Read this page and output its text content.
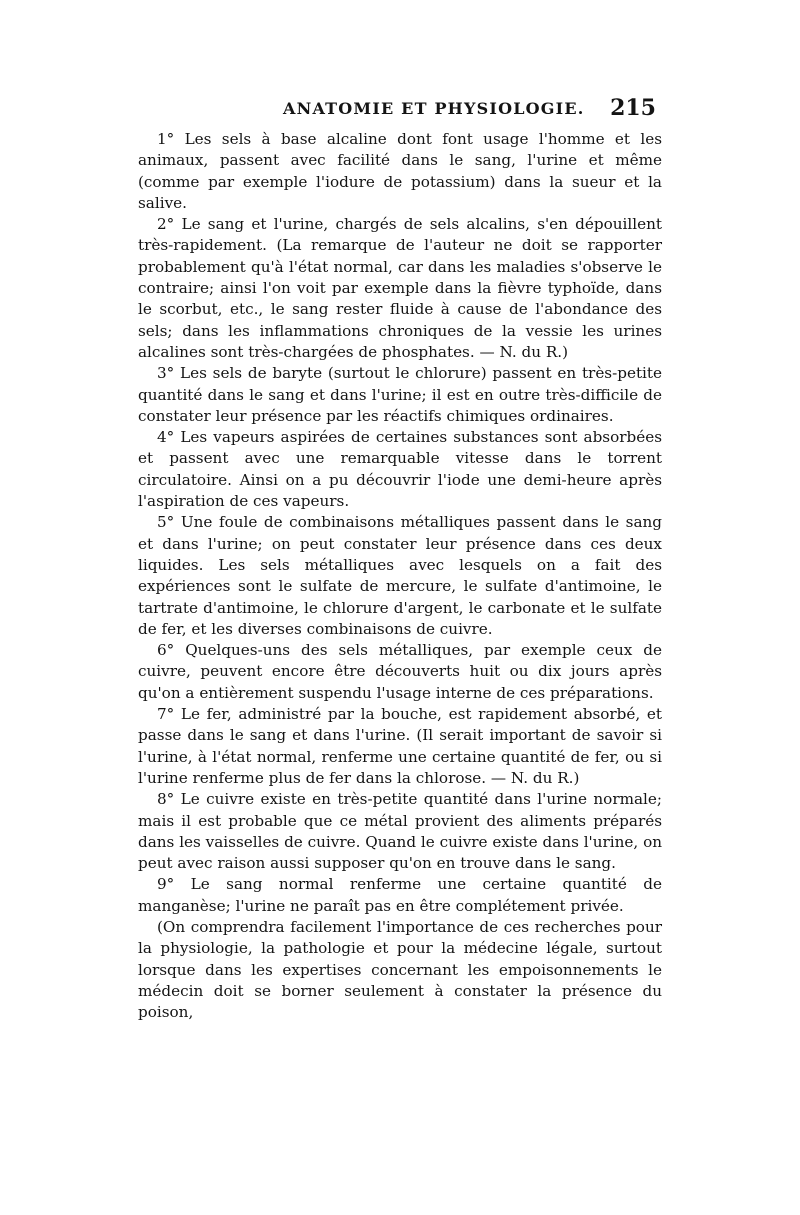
ANATOMIE ET PHYSIOLOGIE. 215

1° Les sels à base alcaline dont font usage l'homme et les animaux, passent avec facilité dans le sang, l'urine et même (comme par exemple l'iodure de potassium) dans la sueur et la salive.

2° Le sang et l'urine, chargés de sels alcalins, s'en dépouillent très-rapidement. (La remarque de l'auteur ne doit se rapporter probablement qu'à l'état normal, car dans les maladies s'observe le contraire; ainsi l'on voit par exemple dans la fièvre typhoïde, dans le scorbut, etc., le sang rester fluide à cause de l'abondance des sels; dans les inflammations chroniques de la vessie les urines alcalines sont très-chargées de phosphates. — N. du R.)

3° Les sels de baryte (surtout le chlorure) passent en très-petite quantité dans le sang et dans l'urine; il est en outre très-difficile de constater leur présence par les réactifs chimiques ordinaires.

4° Les vapeurs aspirées de certaines substances sont absorbées et passent avec une remarquable vitesse dans le torrent circulatoire. Ainsi on a pu découvrir l'iode une demi-heure après l'aspiration de ces vapeurs.

5° Une foule de combinaisons métalliques passent dans le sang et dans l'urine; on peut constater leur présence dans ces deux liquides. Les sels métalliques avec lesquels on a fait des expériences sont le sulfate de mercure, le sulfate d'antimoine, le tartrate d'antimoine, le chlorure d'argent, le carbonate et le sulfate de fer, et les diverses combinaisons de cuivre.

6° Quelques-uns des sels métalliques, par exemple ceux de cuivre, peuvent encore être découverts huit ou dix jours après qu'on a entièrement suspendu l'usage interne de ces préparations.

7° Le fer, administré par la bouche, est rapidement absorbé, et passe dans le sang et dans l'urine. (Il serait important de savoir si l'urine, à l'état normal, renferme une certaine quantité de fer, ou si l'urine renferme plus de fer dans la chlorose. — N. du R.)

8° Le cuivre existe en très-petite quantité dans l'urine normale; mais il est probable que ce métal provient des aliments préparés dans les vaisselles de cuivre. Quand le cuivre existe dans l'urine, on peut avec raison aussi supposer qu'on en trouve dans le sang.

9° Le sang normal renferme une certaine quantité de manganèse; l'urine ne paraît pas en être complétement privée.

(On comprendra facilement l'importance de ces recherches pour la physiologie, la pathologie et pour la médecine légale, surtout lorsque dans les expertises concernant les empoisonnements le médecin doit se borner seulement à constater la présence du poison,
